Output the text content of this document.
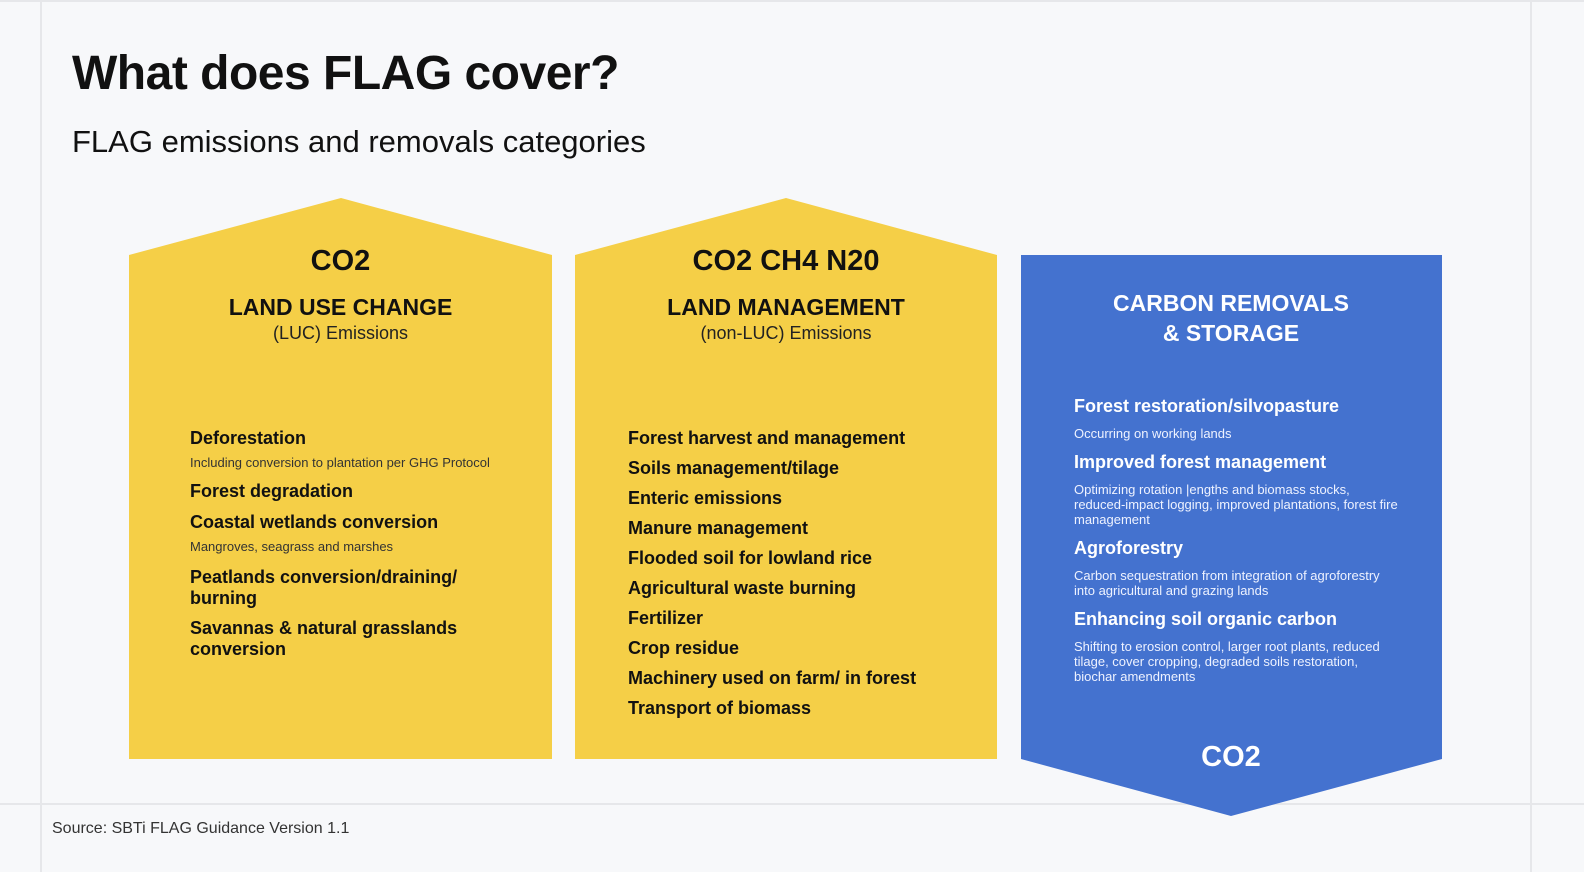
What does FLAG cover?
FLAG emissions and removals categories
CO2
LAND USE CHANGE
(LUC) Emissions
Deforestation
Including conversion to plantation per GHG Protocol
Forest degradation
Coastal wetlands conversion
Mangroves, seagrass and marshes
Peatlands conversion/draining/ burning
Savannas & natural grasslands conversion
CO2 CH4 N20
LAND MANAGEMENT
(non-LUC) Emissions
Forest harvest and management
Soils management/tilage
Enteric emissions
Manure management
Flooded soil for lowland rice
Agricultural waste burning
Fertilizer
Crop residue
Machinery used on farm/ in forest
Transport of biomass
CARBON REMOVALS
& STORAGE
Forest restoration/silvopasture
Occurring on working lands
Improved forest management
Optimizing rotation |engths and biomass stocks, reduced-impact logging, improved plantations, forest fire management
Agroforestry
Carbon sequestration from integration of agroforestry into agricultural and grazing lands
Enhancing soil organic carbon
Shifting to erosion control, larger root plants, reduced tilage, cover cropping, degraded soils restoration, biochar amendments
CO2
Source: SBTi FLAG Guidance Version 1.1
